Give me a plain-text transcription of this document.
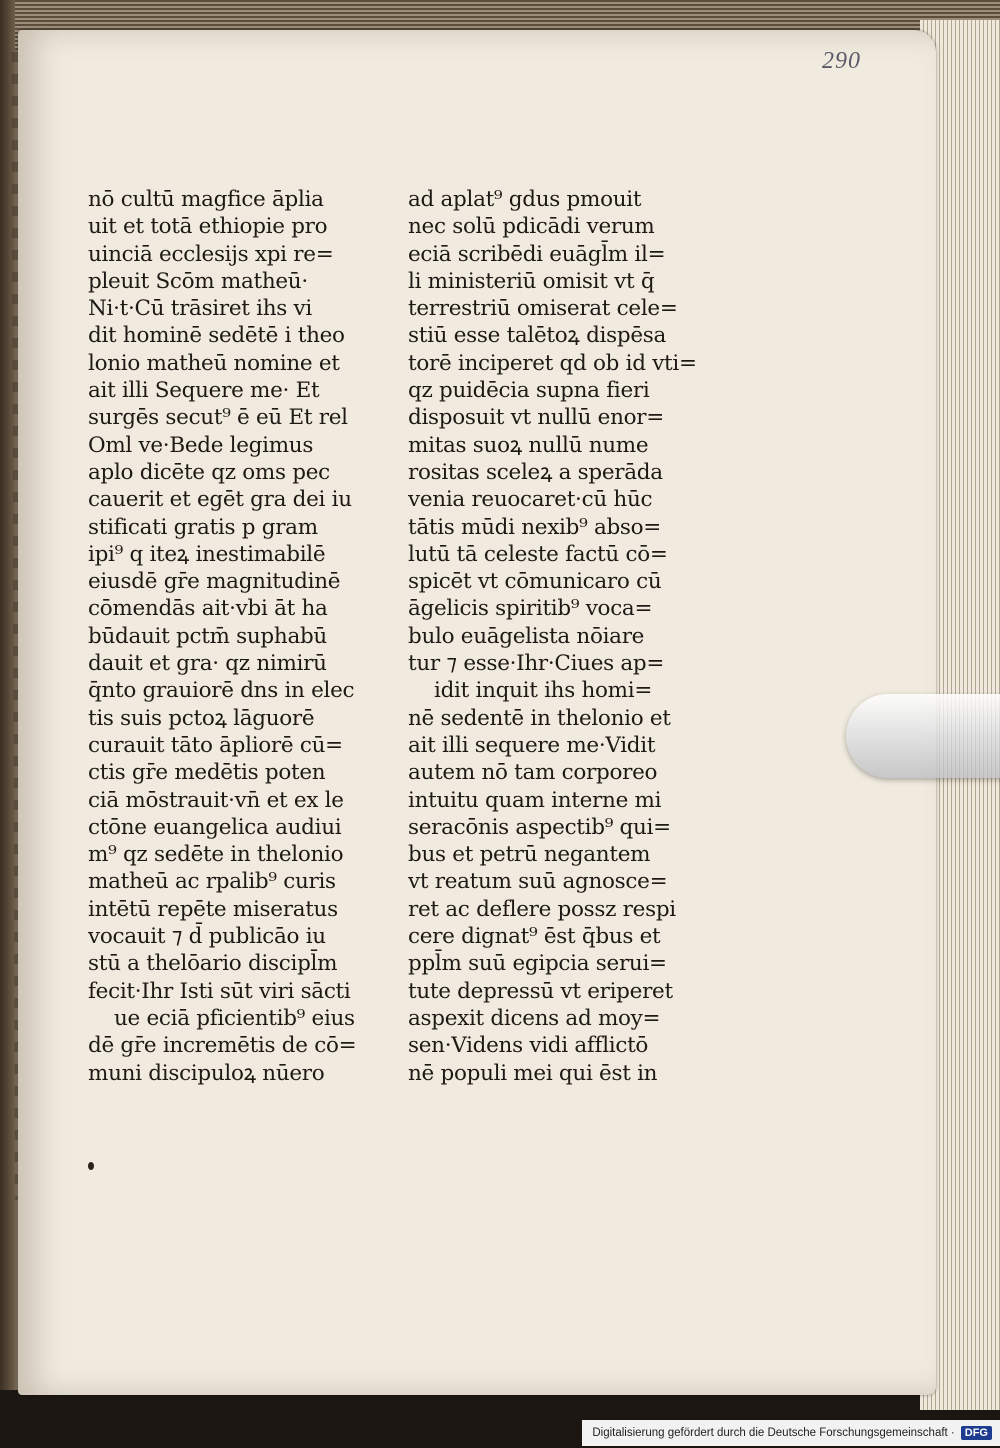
290
nō cultū magfice āplia
uit et totā ethiopie pro
uinciā ecclesijs xpi re=
pleuit Scōm matheū·
Ni·t·Cū trāsiret ihs vi
dit hominē sedētē i theo
lonio matheū nomine et
ait illi Sequere me· Et
surgēs secut⁹ ē eū Et rel
Oml ve·Bede legimus
aplo dicēte qz oms pec
cauerit et egēt gra dei iu
stificati gratis p gram
ipi⁹ q iteꝝ inestimabilē
eiusdē gr̄e magnitudinē
cōmendās ait·vbi āt ha
būdauit pctm̄ suphabū
dauit et gra· qz nimirū
q̄nto grauiorē dns in elec
tis suis pctoꝝ lāguorē
curauit tāto āpliorē cū=
ctis gr̄e medētis poten
ciā mōstrauit·vn̄ et ex le
ctōne euangelica audiui
m⁹ qz sedēte in thelonio
matheū ac rpalib⁹ curis
intētū repēte miseratus
vocauit ⁊ d̄ publicāo iu
stū a thelōario discipl̄m
fecit·Ihr Isti sūt viri sācti
ue eciā pficientib⁹ eius
dē gr̄e incremētis de cō=
muni discipuloꝝ nūero
ad aplat⁹ gdus pmouit
nec solū pdicādi verum
eciā scribēdi euāgl̄m il=
li ministeriū omisit vt q̄
terrestriū omiserat cele=
stiū esse talētoꝝ dispēsa
torē inciperet qd ob id vti=
qz puidēcia supna fieri
disposuit vt nullū enor=
mitas suoꝝ nullū nume
rositas sceleꝝ a sperāda
venia reuocaret·cū hūc
tātis mūdi nexib⁹ abso=
lutū tā celeste factū cō=
spicēt vt cōmunicaro cū
āgelicis spiritib⁹ voca=
bulo euāgelista nōiare
tur ⁊ esse·Ihr·Ciues ap=
idit inquit ihs homi=
nē sedentē in thelonio et
ait illi sequere me·Vidit
autem nō tam corporeo
intuitu quam interne mi
seracōnis aspectib⁹ qui=
bus et petrū negantem
vt reatum suū agnosce=
ret ac deflere possz respi
cere dignat⁹ ēst q̄bus et
ppl̄m suū egipcia serui=
tute depressū vt eriperet
aspexit dicens ad moy=
sen·Videns vidi afflictō
nē populi mei qui ēst in
Digitalisierung gefördert durch die Deutsche Forschungsgemeinschaft · DFG
